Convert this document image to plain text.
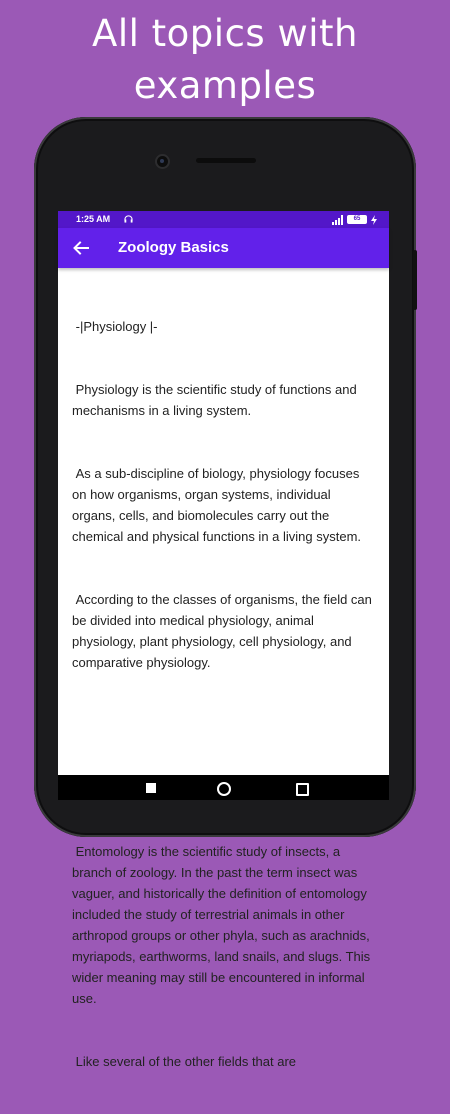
All topics with
examples
1:25 AM	65
Zoology Basics

-|Physiology |-

Physiology is the scientific study of functions and mechanisms in a living system.

As a sub-discipline of biology, physiology focuses on how organisms, organ systems, individual organs, cells, and biomolecules carry out the chemical and physical functions in a living system.

According to the classes of organisms, the field can be divided into medical physiology, animal physiology, plant physiology, cell physiology, and comparative physiology.

Entomology is the scientific study of insects, a branch of zoology. In the past the term insect was vaguer, and historically the definition of entomology included the study of terrestrial animals in other arthropod groups or other phyla, such as arachnids, myriapods, earthworms, land snails, and slugs. This wider meaning may still be encountered in informal use.

Like several of the other fields that are
